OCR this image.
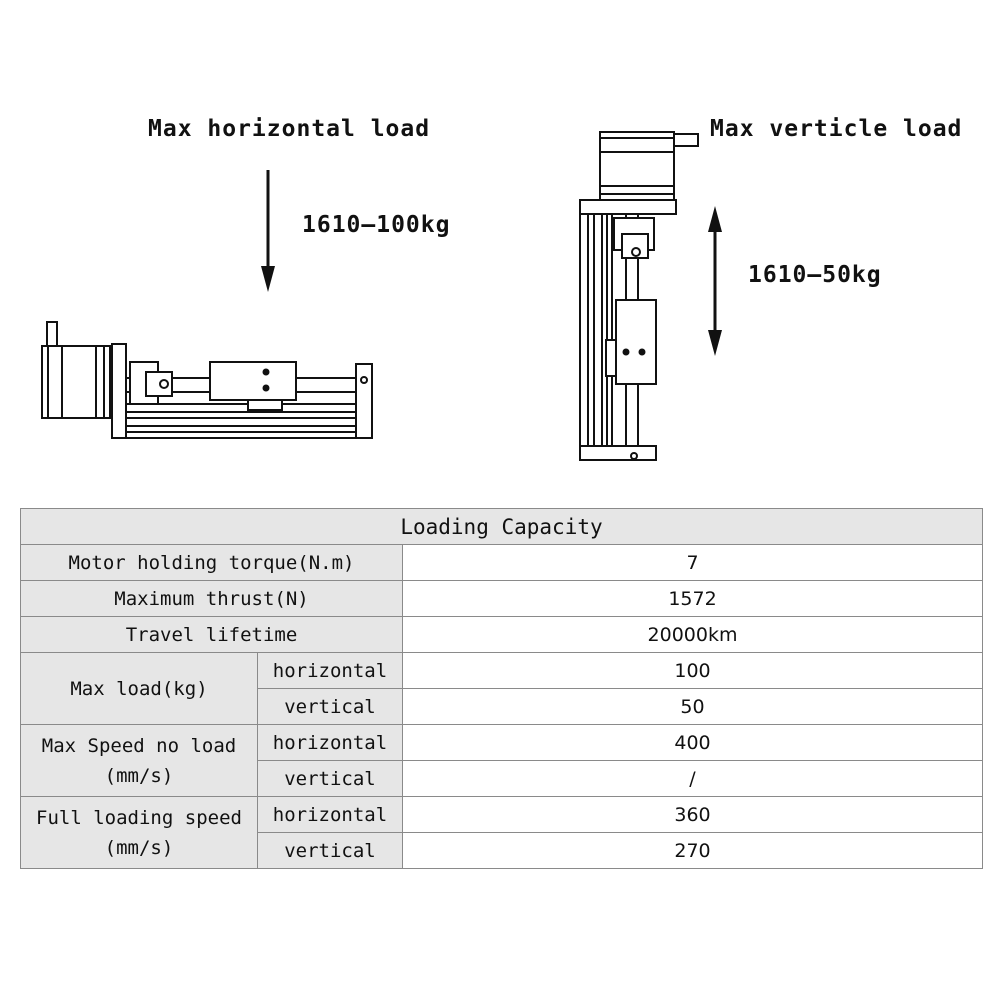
Max horizontal load
1610—100kg
Max verticle load
1610—50kg
Loading Capacity		
Motor holding torque(N.m)		7
Maximum thrust(N)		1572
Travel lifetime		20000km
Max load(kg)	horizontal	100
	vertical	50

Max Speed no load
(mm/s)	horizontal	400
	vertical	/

Full loading speed
(mm/s)	horizontal	360
	vertical	270
